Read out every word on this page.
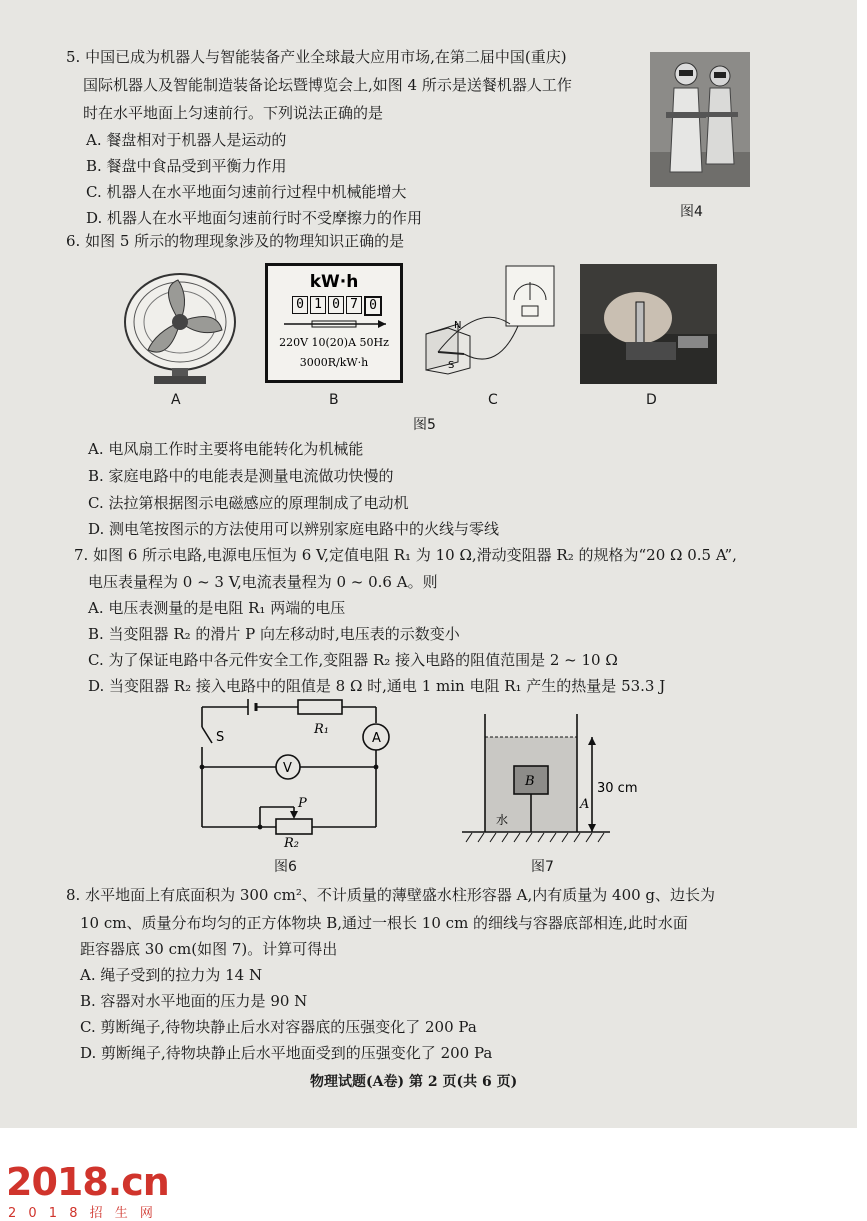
5. 中国已成为机器人与智能装备产业全球最大应用市场,在第二届中国(重庆)
国际机器人及智能制造装备论坛暨博览会上,如图 4 所示是送餐机器人工作
时在水平地面上匀速前行。下列说法正确的是
A. 餐盘相对于机器人是运动的
B. 餐盘中食品受到平衡力作用
C. 机器人在水平地面匀速前行过程中机械能增大
D. 机器人在水平地面匀速前行时不受摩擦力的作用	图4
6. 如图 5 所示的物理现象涉及的物理知识正确的是
A
kW·h
0 1 0 7 0
220V 10(20)A 50Hz
3000R/kW·h
B
N
S
C	D
图5
A. 电风扇工作时主要将电能转化为机械能
B. 家庭电路中的电能表是测量电流做功快慢的
C. 法拉第根据图示电磁感应的原理制成了电动机
D. 测电笔按图示的方法使用可以辨别家庭电路中的火线与零线
7. 如图 6 所示电路,电源电压恒为 6 V,定值电阻 R₁ 为 10 Ω,滑动变阻器 R₂ 的规格为“20 Ω 0.5 A”,
电压表量程为 0 ~ 3 V,电流表量程为 0 ~ 0.6 A。则
A. 电压表测量的是电阻 R₁ 两端的电压
B. 当变阻器 R₂ 的滑片 P 向左移动时,电压表的示数变小
C. 为了保证电路中各元件安全工作,变阻器 R₂ 接入电路的阻值范围是 2 ~ 10 Ω
D. 当变阻器 R₂ 接入电路中的阻值是 8 Ω 时,通电 1 min 电阻 R₁ 产生的热量是 53.3 J
A
V
R₁
S
P
R₂
图6
B
水
30 cm
A
图7
8. 水平地面上有底面积为 300 cm²、不计质量的薄壁盛水柱形容器 A,内有质量为 400 g、边长为
10 cm、质量分布均匀的正方体物块 B,通过一根长 10 cm 的细线与容器底部相连,此时水面
距容器底 30 cm(如图 7)。计算可得出
A. 绳子受到的拉力为 14 N
B. 容器对水平地面的压力是 90 N
C. 剪断绳子,待物块静止后水对容器底的压强变化了 200 Pa
D. 剪断绳子,待物块静止后水平地面受到的压强变化了 200 Pa
物理试题(A卷) 第 2 页(共 6 页)
2018.cn
2 0 1 8 招 生 网
